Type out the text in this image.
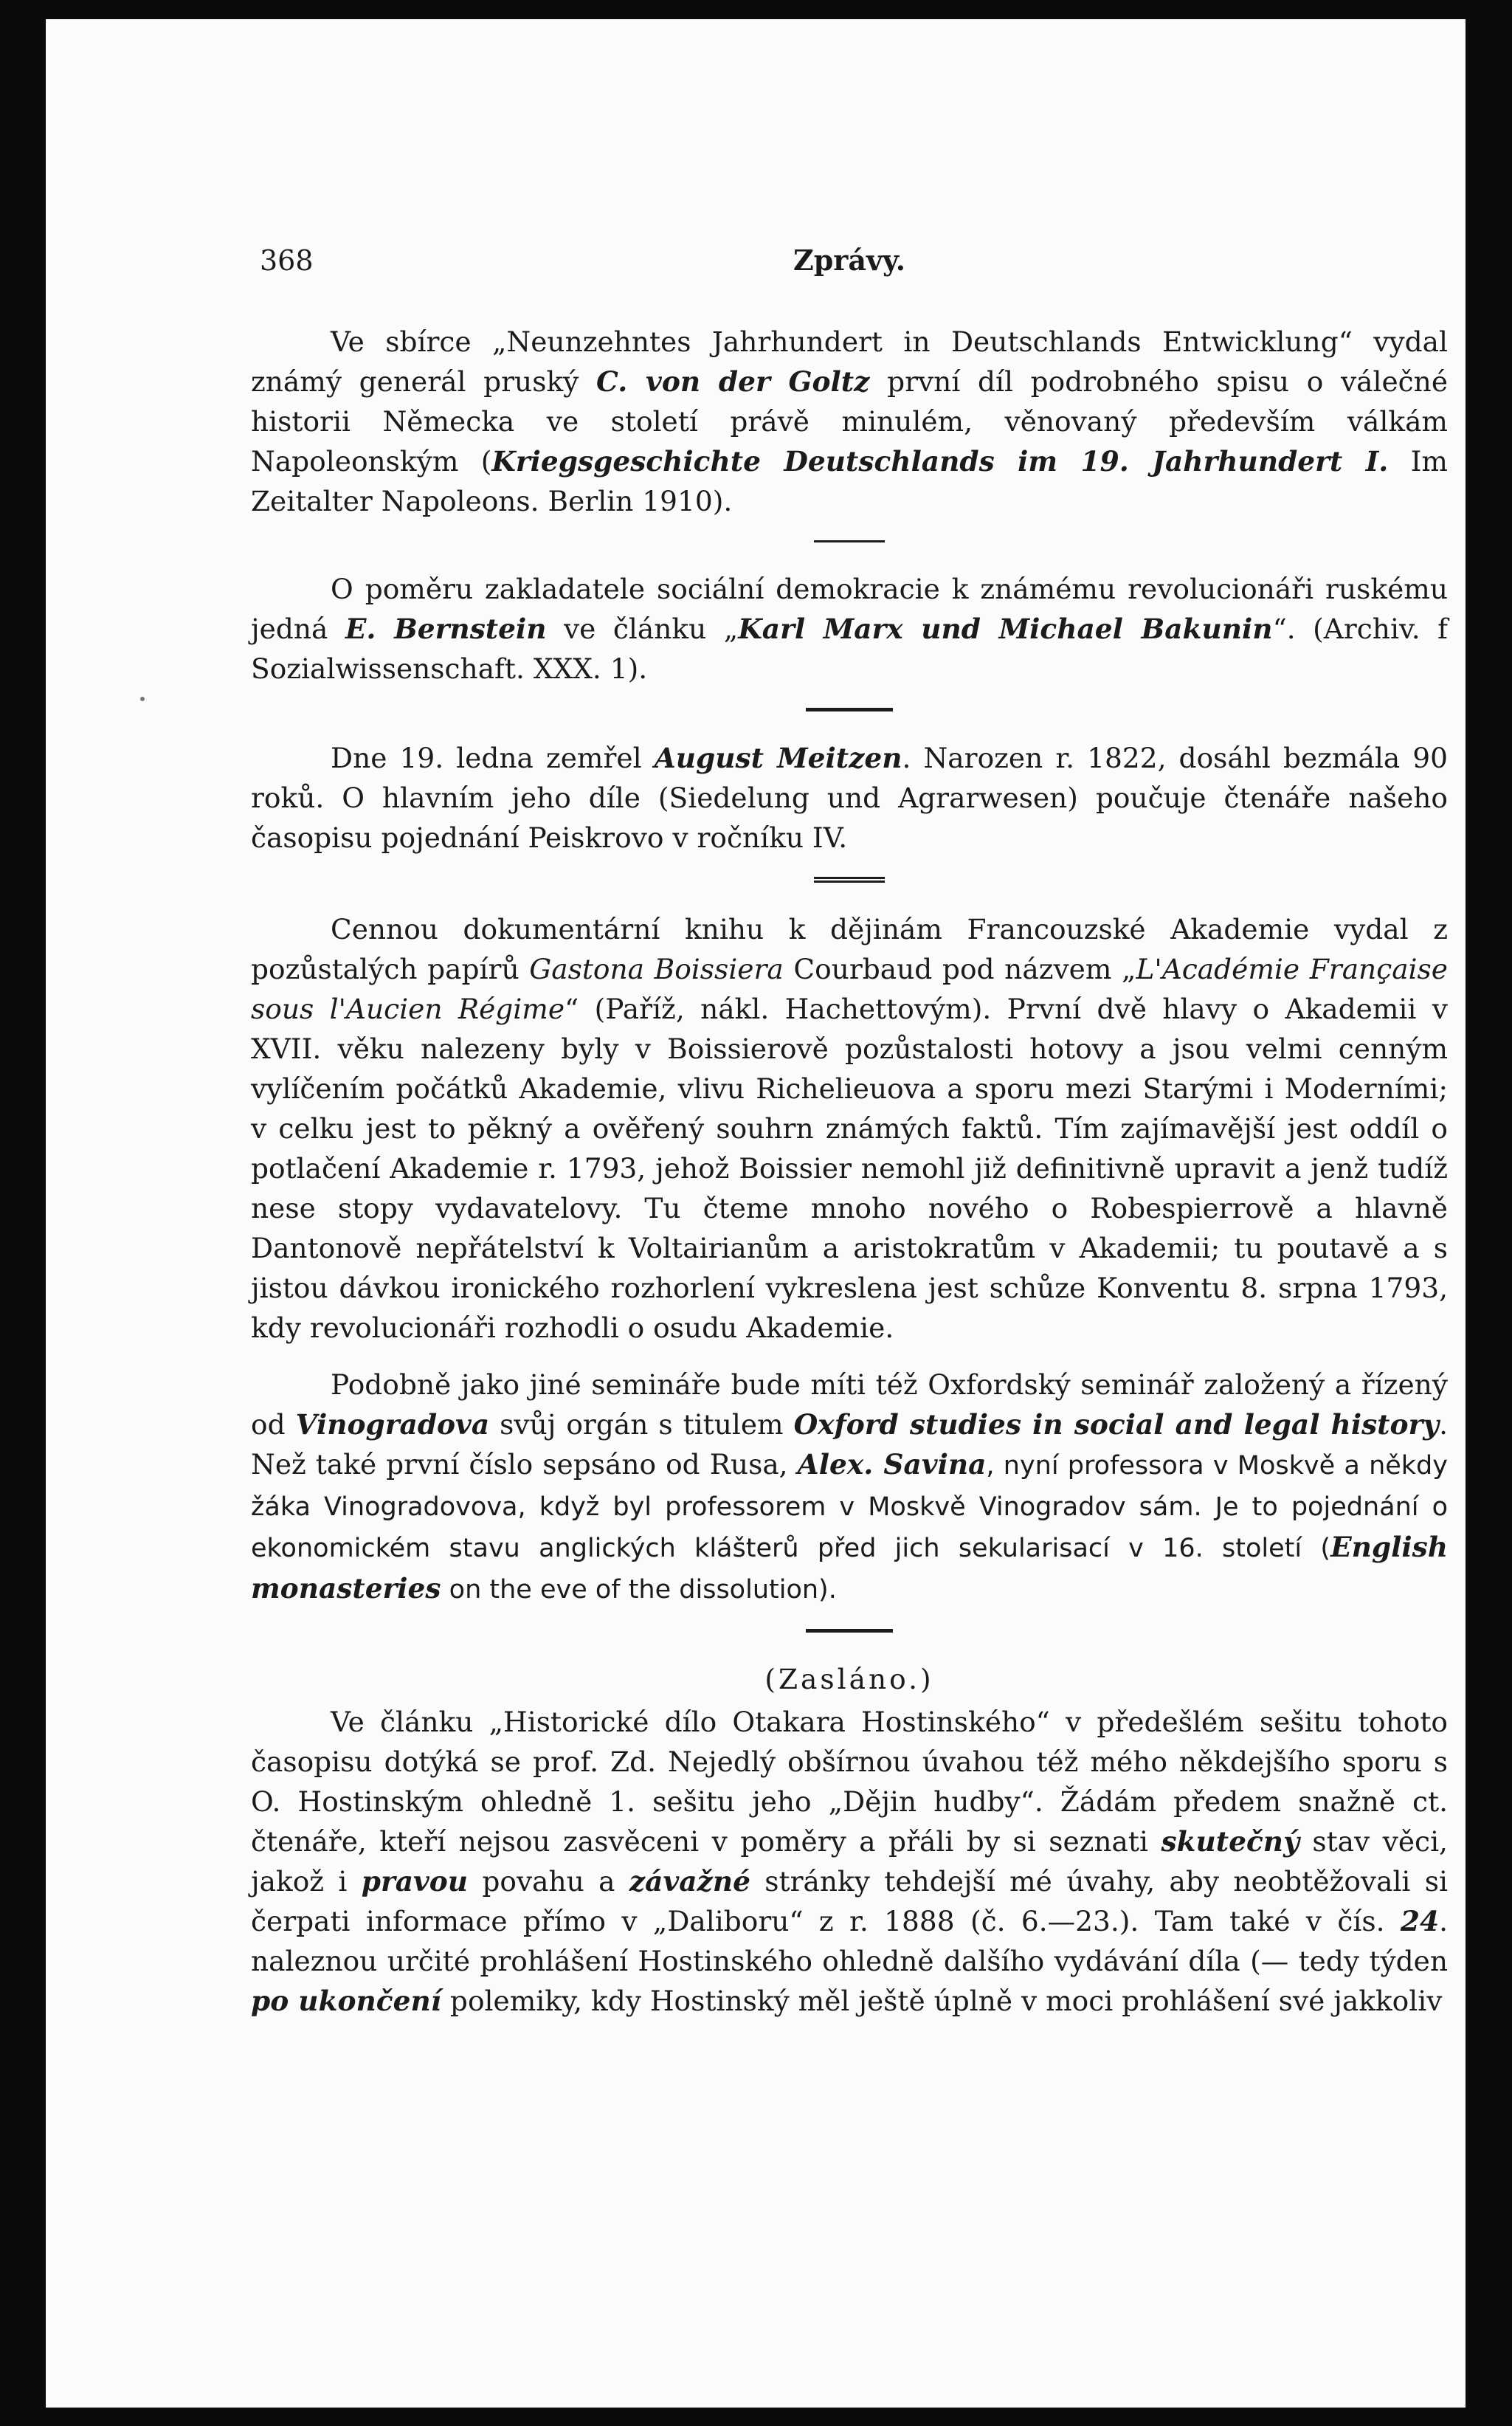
368	Zprávy.

Ve sbírce „Neunzehntes Jahrhundert in Deutschlands Entwicklung“ vydal známý generál pruský C. von der Goltz první díl podrobného spisu o válečné historii Německa ve století právě minulém, věnovaný především válkám Napoleonským (Kriegsgeschichte Deutschlands im 19. Jahrhundert I. Im Zeitalter Napoleons. Berlin 1910).

O poměru zakladatele sociální demokracie k známému revolucionáři ruskému jedná E. Bernstein ve článku „Karl Marx und Michael Bakunin“. (Archiv. f Sozialwissenschaft. XXX. 1).

Dne 19. ledna zemřel August Meitzen. Narozen r. 1822, dosáhl bezmála 90 roků. O hlavním jeho díle (Siedelung und Agrarwesen) poučuje čtenáře našeho časopisu pojednání Peiskrovo v ročníku IV.

Cennou dokumentární knihu k dějinám Francouzské Akademie vydal z pozůstalých papírů Gastona Boissiera Courbaud pod názvem „L'Académie Française sous l'Aucien Régime“ (Paříž, nákl. Hachettovým). První dvě hlavy o Akademii v XVII. věku nalezeny byly v Boissierově pozůstalosti hotovy a jsou velmi cenným vylíčením počátků Akademie, vlivu Richelieuova a sporu mezi Starými i Moderními; v celku jest to pěkný a ověřený souhrn známých faktů. Tím zajímavější jest oddíl o potlačení Akademie r. 1793, jehož Boissier nemohl již definitivně upravit a jenž tudíž nese stopy vydavatelovy. Tu čteme mnoho nového o Robespierrově a hlavně Dantonově nepřátelství k Voltairianům a aristokratům v Akademii; tu poutavě a s jistou dávkou ironického rozhorlení vykreslena jest schůze Konventu 8. srpna 1793, kdy revolucionáři rozhodli o osudu Akademie.

Podobně jako jiné semináře bude míti též Oxfordský seminář založený a řízený od Vinogradova svůj orgán s titulem Oxford studies in social and legal history. Než také první číslo sepsáno od Rusa, Alex. Savina, nyní professora v Moskvě a někdy žáka Vinogradovova, když byl professorem v Moskvě Vinogradov sám. Je to pojednání o ekonomickém stavu anglických klášterů před jich sekularisací v 16. století (English monasteries on the eve of the dissolution).

(Zasláno.)

Ve článku „Historické dílo Otakara Hostinského“ v předešlém sešitu tohoto časopisu dotýká se prof. Zd. Nejedlý obšírnou úvahou též mého někdejšího sporu s O. Hostinským ohledně 1. sešitu jeho „Dějin hudby“. Žádám předem snažně ct. čtenáře, kteří nejsou zasvěceni v poměry a přáli by si seznati skutečný stav věci, jakož i pravou povahu a závažné stránky tehdejší mé úvahy, aby neobtěžovali si čerpati informace přímo v „Daliboru“ z r. 1888 (č. 6.—23.). Tam také v čís. 24. naleznou určité prohlášení Hostinského ohledně dalšího vydávání díla (— tedy týden po ukončení polemiky, kdy Hostinský měl ještě úplně v moci prohlášení své jakkoliv
